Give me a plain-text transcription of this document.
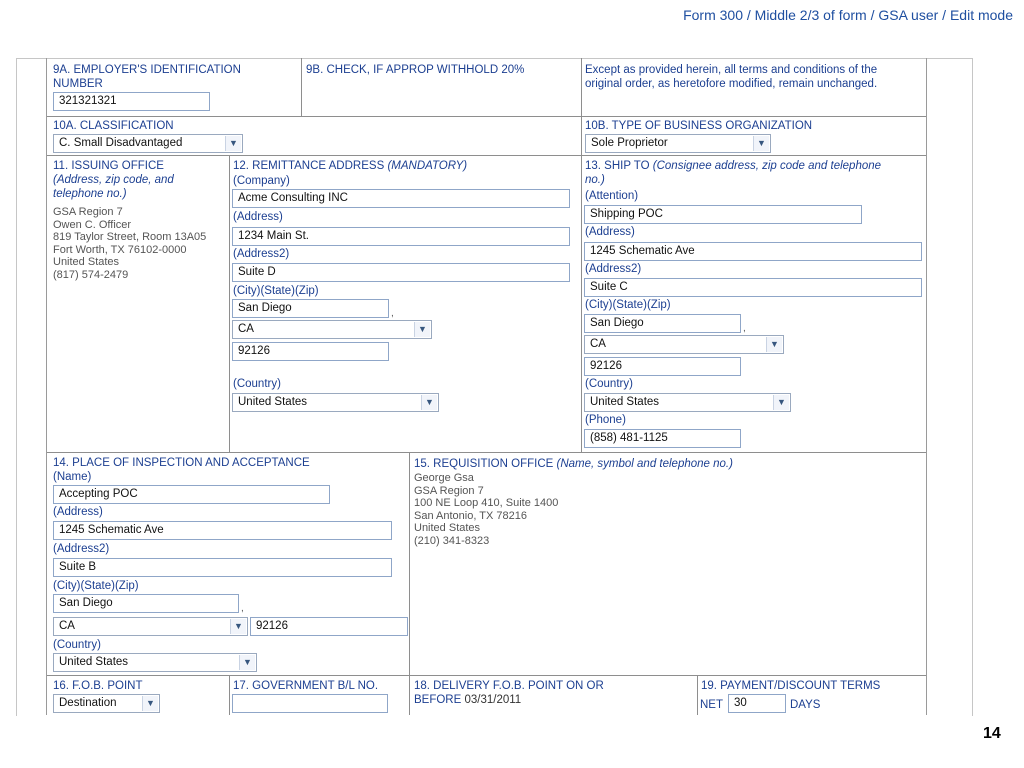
Form 300 / Middle 2/3 of form / GSA user / Edit mode
9A. EMPLOYER'S IDENTIFICATION
NUMBER
321321321
9B. CHECK, IF APPROP WITHHOLD 20%	Except as provided herein, all terms and conditions of the
original order, as heretofore modified, remain unchanged.
10A. CLASSIFICATION
C. Small Disadvantaged	▼
10B. TYPE OF BUSINESS ORGANIZATION
Sole Proprietor	▼
11. ISSUING OFFICE
(Address, zip code, and
telephone no.)
GSA Region 7
Owen C. Officer
819 Taylor Street, Room 13A05
Fort Worth, TX 76102-0000
United States
(817) 574-2479
12. REMITTANCE ADDRESS (MANDATORY)
(Company)
Acme Consulting INC
(Address)
1234 Main St.
(Address2)
Suite D
(City)(State)(Zip)
San Diego	,
CA	▼
92126
(Country)
United States	▼
13. SHIP TO (Consignee address, zip code and telephone
no.)
(Attention)
Shipping POC
(Address)
1245 Schematic Ave
(Address2)
Suite C
(City)(State)(Zip)
San Diego	,
CA	▼
92126
(Country)
United States	▼
(Phone)
(858) 481-1125
14. PLACE OF INSPECTION AND ACCEPTANCE
(Name)
Accepting POC
(Address)
1245 Schematic Ave
(Address2)
Suite B
(City)(State)(Zip)
San Diego	,
CA	▼	92126
(Country)
United States	▼
15. REQUISITION OFFICE (Name, symbol and telephone no.)
George Gsa
GSA Region 7
100 NE Loop 410, Suite 1400
San Antonio, TX 78216
United States
(210) 341-8323
16. F.O.B. POINT
Destination	▼
17. GOVERNMENT B/L NO.	18. DELIVERY F.O.B. POINT ON OR
BEFORE 03/31/2011
19. PAYMENT/DISCOUNT TERMS
NET 30	DAYS
14
